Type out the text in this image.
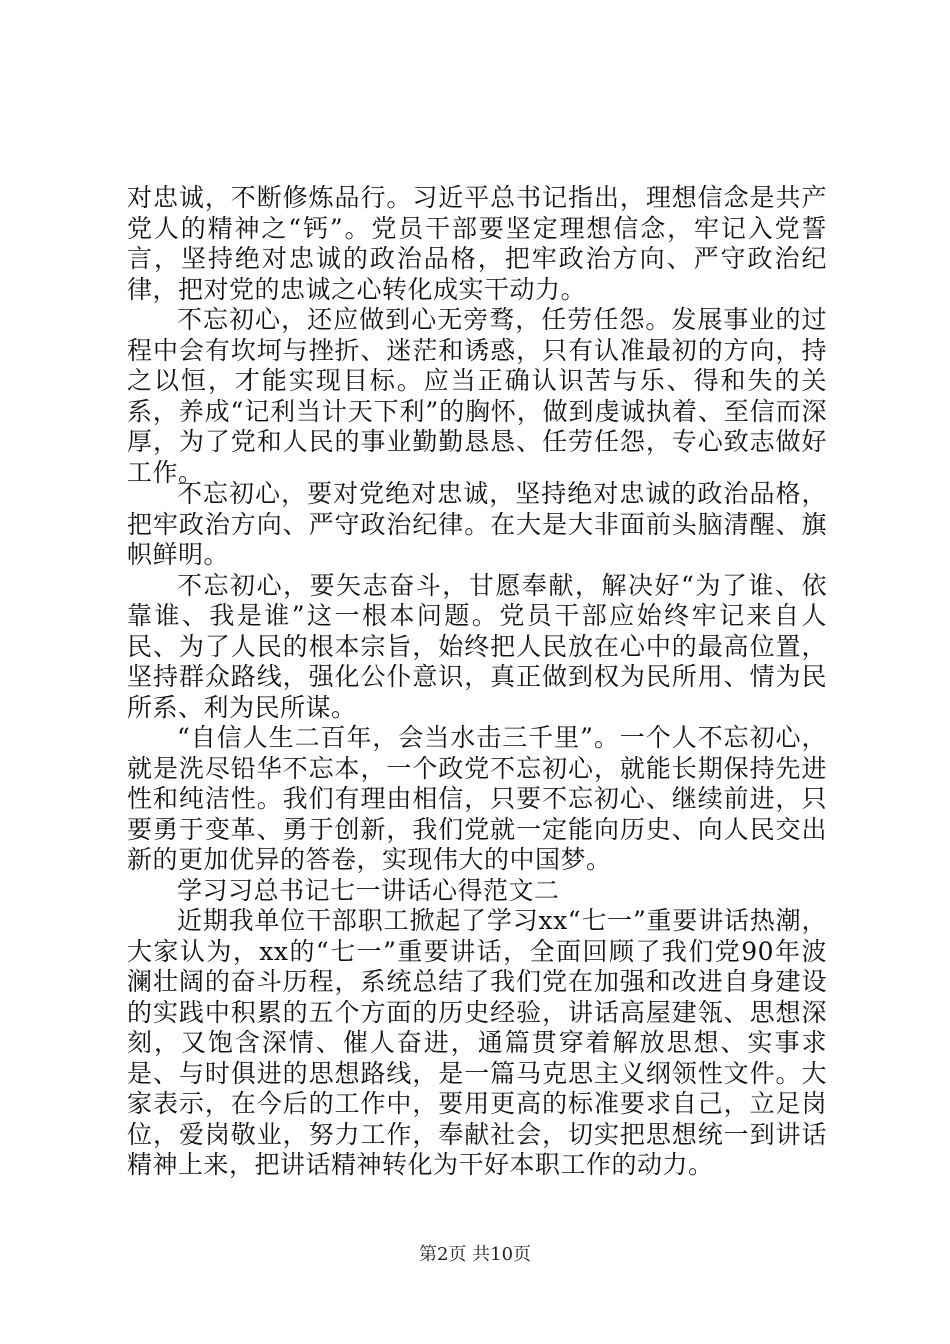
对忠诚，不断修炼品行。习近平总书记指出，理想信念是共产党人的精神之“钙”。党员干部要坚定理想信念，牢记入党誓言，坚持绝对忠诚的政治品格，把牢政治方向、严守政治纪律，把对党的忠诚之心转化成实干动力。

不忘初心，还应做到心无旁骛，任劳任怨。发展事业的过程中会有坎坷与挫折、迷茫和诱惑，只有认准最初的方向，持之以恒，才能实现目标。应当正确认识苦与乐、得和失的关系，养成“记利当计天下利”的胸怀，做到虔诚执着、至信而深厚，为了党和人民的事业勤勤恳恳、任劳任怨，专心致志做好工作。

不忘初心，要对党绝对忠诚，坚持绝对忠诚的政治品格，把牢政治方向、严守政治纪律。在大是大非面前头脑清醒、旗帜鲜明。

不忘初心，要矢志奋斗，甘愿奉献，解决好“为了谁、依靠谁、我是谁”这一根本问题。党员干部应始终牢记来自人民、为了人民的根本宗旨，始终把人民放在心中的最高位置，坚持群众路线，强化公仆意识，真正做到权为民所用、情为民所系、利为民所谋。

“自信人生二百年，会当水击三千里”。一个人不忘初心，就是洗尽铅华不忘本，一个政党不忘初心，就能长期保持先进性和纯洁性。我们有理由相信，只要不忘初心、继续前进，只要勇于变革、勇于创新，我们党就一定能向历史、向人民交出新的更加优异的答卷，实现伟大的中国梦。

学习习总书记七一讲话心得范文二

近期我单位干部职工掀起了学习xx“七一”重要讲话热潮，大家认为，xx的“七一”重要讲话，全面回顾了我们党90年波澜壮阔的奋斗历程，系统总结了我们党在加强和改进自身建设的实践中积累的五个方面的历史经验，讲话高屋建瓴、思想深刻，又饱含深情、催人奋进，通篇贯穿着解放思想、实事求是、与时俱进的思想路线，是一篇马克思主义纲领性文件。大家表示，在今后的工作中，要用更高的标准要求自己，立足岗位，爱岗敬业，努力工作，奉献社会，切实把思想统一到讲话精神上来，把讲话精神转化为干好本职工作的动力。

第2页 共10页
